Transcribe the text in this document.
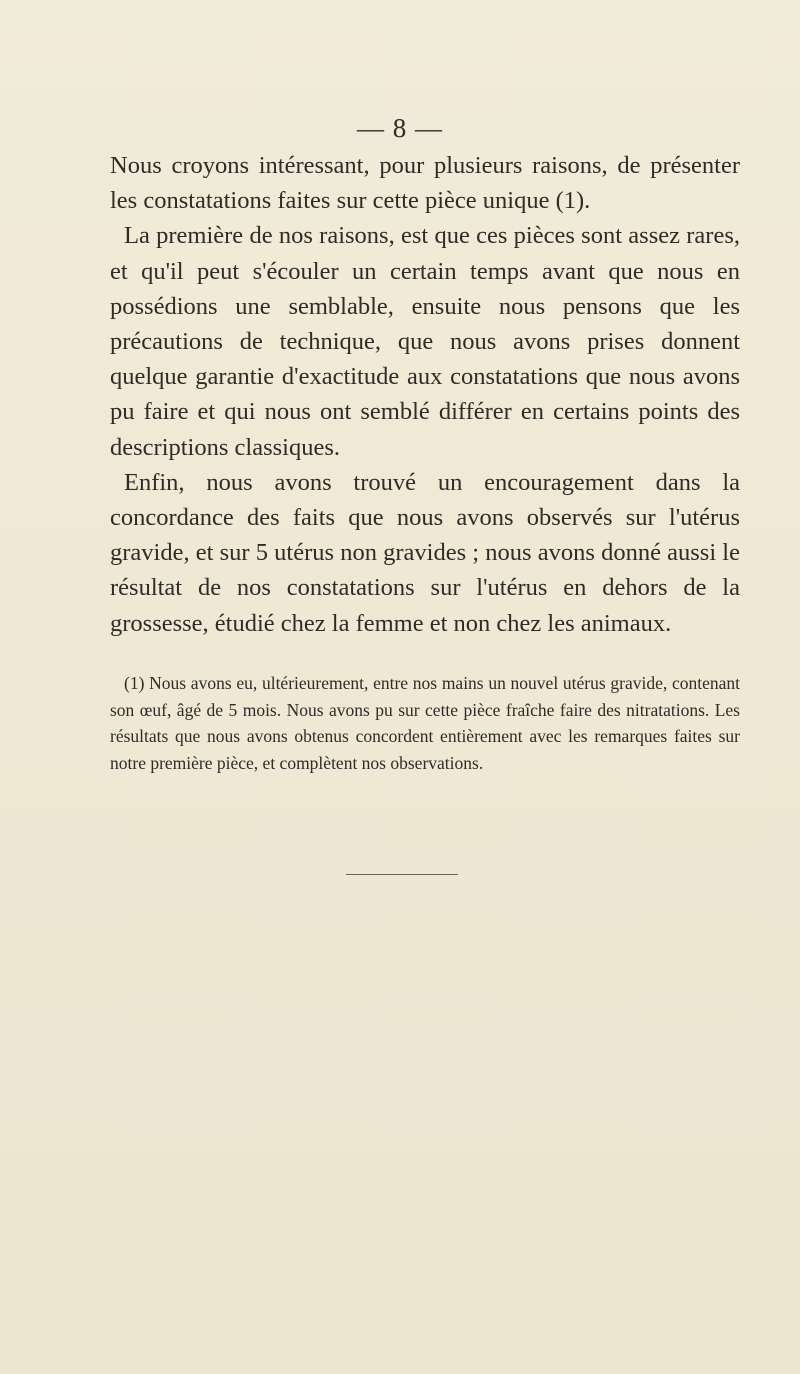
— 8 —

Nous croyons intéressant, pour plusieurs raisons, de présenter les constatations faites sur cette pièce unique (1).

La première de nos raisons, est que ces pièces sont assez rares, et qu'il peut s'écouler un certain temps avant que nous en possédions une semblable, ensuite nous pensons que les précautions de technique, que nous avons prises donnent quelque garantie d'exactitude aux constatations que nous avons pu faire et qui nous ont semblé différer en certains points des descriptions classiques.

Enfin, nous avons trouvé un encouragement dans la concordance des faits que nous avons observés sur l'utérus gravide, et sur 5 utérus non gravides ; nous avons donné aussi le résultat de nos constatations sur l'utérus en dehors de la grossesse, étudié chez la femme et non chez les animaux.

(1) Nous avons eu, ultérieurement, entre nos mains un nouvel utérus gravide, contenant son œuf, âgé de 5 mois. Nous avons pu sur cette pièce fraîche faire des nitratations. Les résultats que nous avons obtenus concordent entièrement avec les remarques faites sur notre première pièce, et complètent nos observations.
